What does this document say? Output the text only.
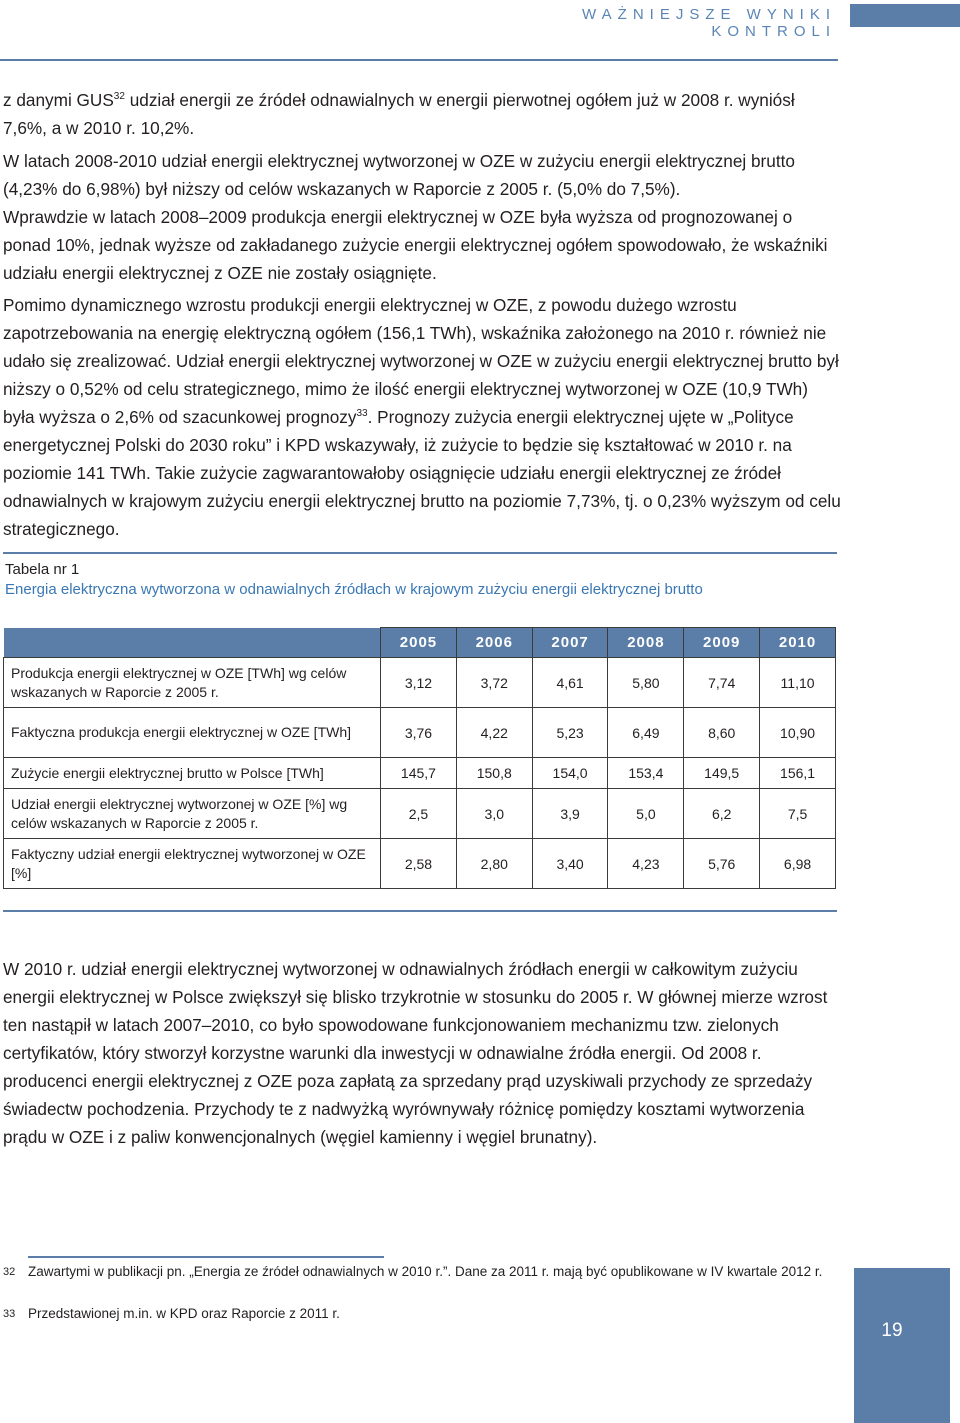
WAŻNIEJSZE WYNIKI KONTROLI

z danymi GUS$^{32}$ udział energii ze źródeł odnawialnych w energii pierwotnej ogółem już w 2008 r. wyniósł 7,6%, a w 2010 r. 10,2%.

W latach 2008-2010 udział energii elektrycznej wytworzonej w OZE w zużyciu energii elektrycznej brutto (4,23% do 6,98%) był niższy od celów wskazanych w Raporcie z 2005 r. (5,0% do 7,5%).

Wprawdzie w latach 2008–2009 produkcja energii elektrycznej w OZE była wyższa od prognozowanej o ponad 10%, jednak wyższe od zakładanego zużycie energii elektrycznej ogółem spowodowało, że wskaźniki udziału energii elektrycznej z OZE nie zostały osiągnięte.

Pomimo dynamicznego wzrostu produkcji energii elektrycznej w OZE, z powodu dużego wzrostu zapotrzebowania na energię elektryczną ogółem (156,1 TWh), wskaźnika założonego na 2010 r. również nie udało się zrealizować. Udział energii elektrycznej wytworzonej w OZE w zużyciu energii elektrycznej brutto był niższy o 0,52% od celu strategicznego, mimo że ilość energii elektrycznej wytworzonej w OZE (10,9 TWh) była wyższa o 2,6% od szacunkowej prognozy$^{33}$. Prognozy zużycia energii elektrycznej ujęte w „Polityce energetycznej Polski do 2030 roku” i KPD wskazywały, iż zużycie to będzie się kształtować w 2010 r. na poziomie 141 TWh. Takie zużycie zagwarantowałoby osiągnięcie udziału energii elektrycznej ze źródeł odnawialnych w krajowym zużyciu energii elektrycznej brutto na poziomie 7,73%, tj. o 0,23% wyższym od celu strategicznego.

Tabela nr 1
Energia elektryczna wytworzona w odnawialnych źródłach w krajowym zużyciu energii elektrycznej brutto
	2005	2006	2007	2008	2009	2010
Produkcja energii elektrycznej w OZE [TWh] wg celów wskazanych w Raporcie z 2005 r.	3,12	3,72	4,61	5,80	7,74	11,10
Faktyczna produkcja energii elektrycznej w OZE [TWh]	3,76	4,22	5,23	6,49	8,60	10,90
Zużycie energii elektrycznej brutto w Polsce [TWh]	145,7	150,8	154,0	153,4	149,5	156,1
Udział energii elektrycznej wytworzonej w OZE [%] wg celów wskazanych w Raporcie z 2005 r.	2,5	3,0	3,9	5,0	6,2	7,5
Faktyczny udział energii elektrycznej wytworzonej w OZE [%]	2,58	2,80	3,40	4,23	5,76	6,98

W 2010 r. udział energii elektrycznej wytworzonej w odnawialnych źródłach energii w całkowitym zużyciu energii elektrycznej w Polsce zwiększył się blisko trzykrotnie w stosunku do 2005 r. W głównej mierze wzrost ten nastąpił w latach 2007–2010, co było spowodowane funkcjonowaniem mechanizmu tzw. zielonych certyfikatów, który stworzył korzystne warunki dla inwestycji w odnawialne źródła energii. Od 2008 r. producenci energii elektrycznej z OZE poza zapłatą za sprzedany prąd uzyskiwali przychody ze sprzedaży świadectw pochodzenia. Przychody te z nadwyżką wyrównywały różnicę pomiędzy kosztami wytworzenia prądu w OZE i z paliw konwencjonalnych (węgiel kamienny i węgiel brunatny).

32 Zawartymi w publikacji pn. „Energia ze źródeł odnawialnych w 2010 r.”. Dane za 2011 r. mają być opublikowane w IV kwartale 2012 r.
33 Przedstawionej m.in. w KPD oraz Raporcie z 2011 r.
19
